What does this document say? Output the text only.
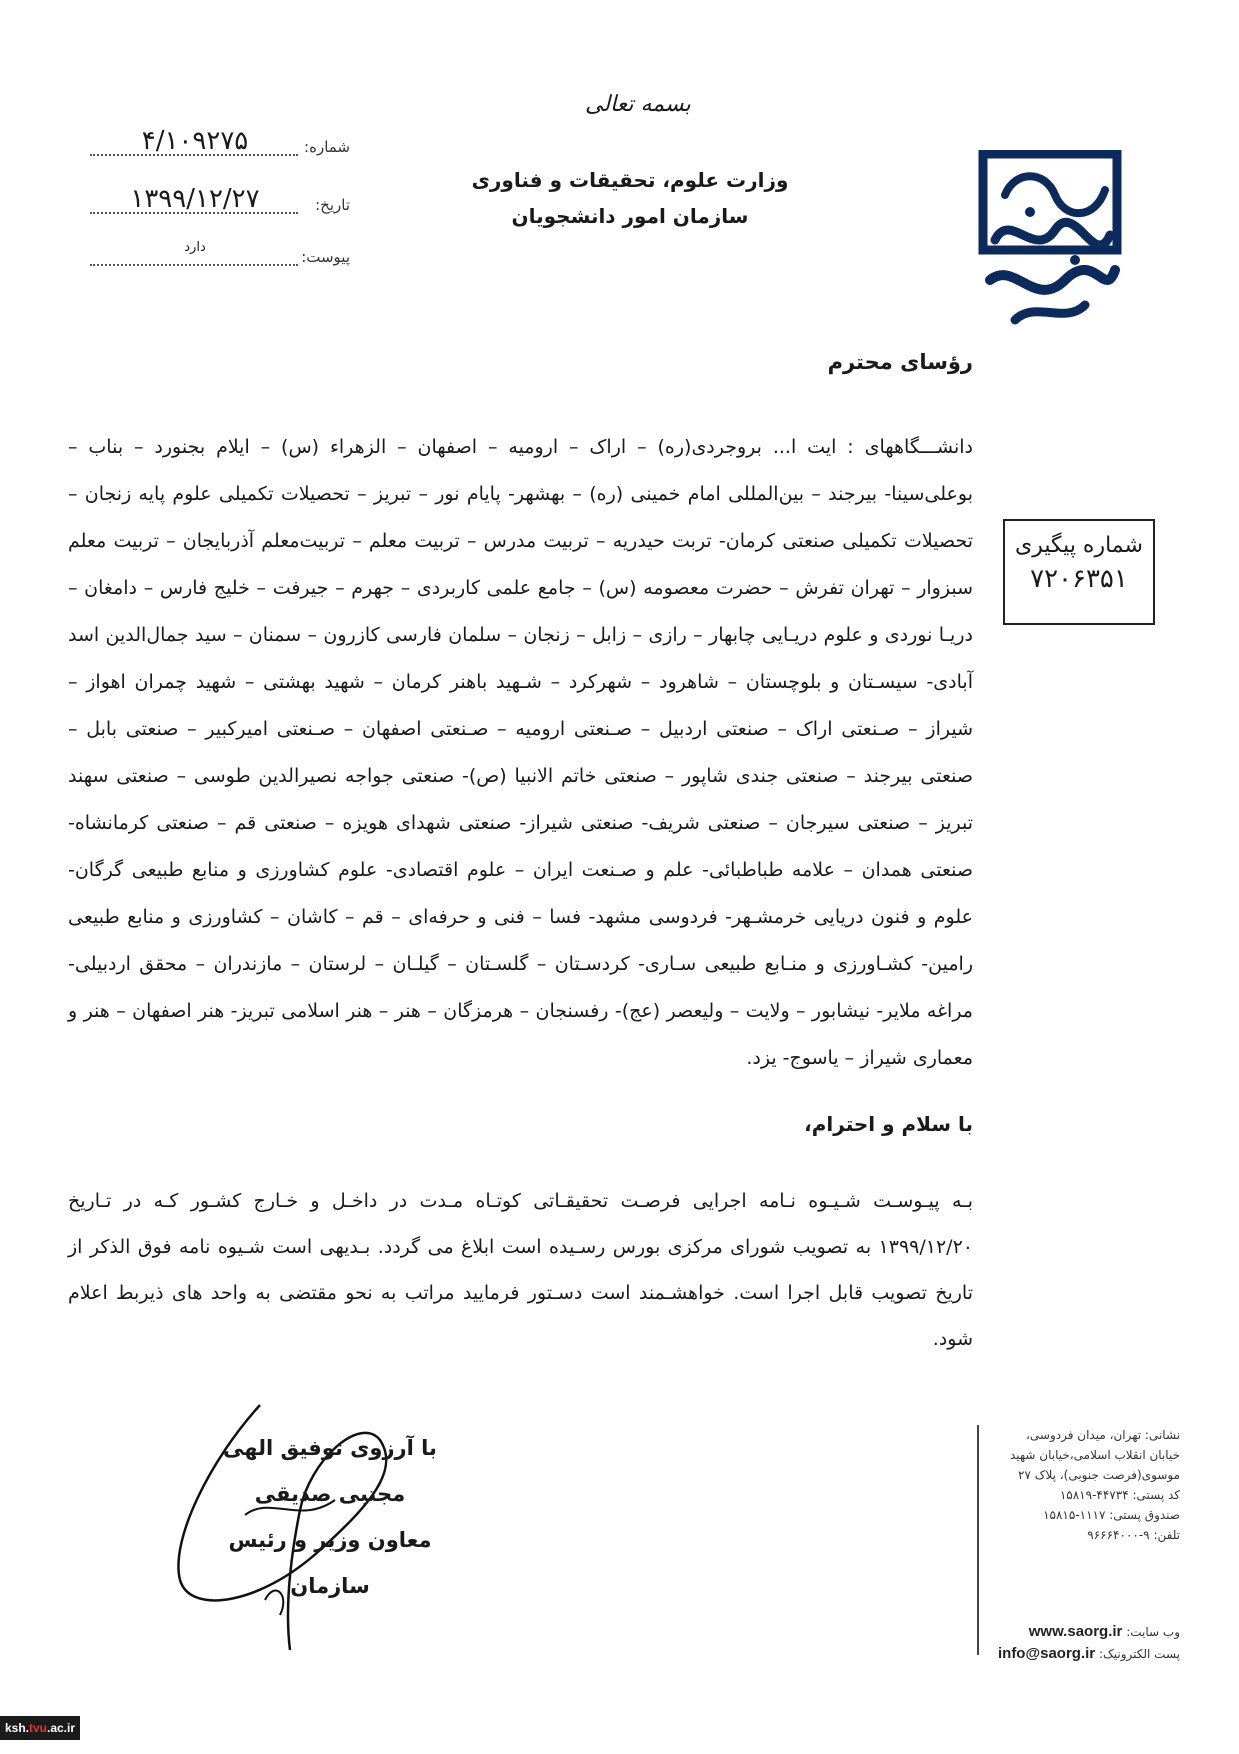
بسمه تعالی
وزارت علوم، تحقیقات و فناوری
سازمان امور دانشجویان
شماره:
۴/۱۰۹۲۷۵
تاریخ:
۱۳۹۹/۱۲/۲۷
پیوست:
دارد
شماره پیگیری
۷۲۰۶۳۵۱
رؤسای محترم
دانشـــگاههای : ایت ا... بروجردی(ره) – اراک – ارومیه – اصفهان – الزهراء (س) – ایلام بجنورد – بناب – بوعلی‌سینا- بیرجند – بین‌المللی امام خمینی (ره) – بهشهر- پایام نور – تبریز – تحصیلات تکمیلی علوم پایه زنجان – تحصیلات تکمیلی صنعتی کرمان- تربت حیدریه – تربیت مدرس – تربیت معلم – تربیت‌معلم آذربایجان – تربیت معلم سبزوار – تهران تفرش – حضرت معصومه (س) – جامع علمی کاربردی – جهرم – جیرفت – خلیج فارس – دامغان – دریـا نوردی و علوم دریـایی چابهار – رازی – زابل – زنجان – سلمان فارسی کازرون – سمنان – سید جمال‌الدین اسد آبادی- سیسـتان و بلوچستان – شاهرود – شهرکرد – شـهید باهنر کرمان – شهید بهشتی – شهید چمران اهواز – شیراز – صـنعتی اراک – صنعتی اردبیل – صـنعتی ارومیه – صـنعتی اصفهان – صـنعتی امیرکبیر – صنعتی بابل – صنعتی بیرجند – صنعتی جندی شاپور – صنعتی خاتم الانبیا (ص)- صنعتی جواجه نصیرالدین طوسی – صنعتی سهند تبریز – صنعتی سیرجان – صنعتی شریف- صنعتی شیراز- صنعتی شهدای هویزه – صنعتی قم – صنعتی کرمانشاه- صنعتی همدان – علامه طباطبائی- علم و صـنعت ایران – علوم اقتصادی- علوم کشاورزی و منابع طبیعی گرگان- علوم و فنون دریایی خرمشـهر- فردوسی مشهد- فسا – فنی و حرفه‌ای – قم – کاشان – کشاورزی و منابع طبیعی رامین- کشـاورزی و منـابع طبیعی سـاری- کردسـتان – گلسـتان – گیلـان – لرستان – مازندران – محقق اردبیلی- مراغه ملایر- نیشابور – ولایت – ولیعصر (عج)- رفسنجان – هرمزگان – هنر – هنر اسلامی تبریز- هنر اصفهان – هنر و معماری شیراز – یاسوج- یزد.
با سلام و احترام،
بـه پیـوسـت شـیـوه نـامه اجرایی فرصـت تحقیقـاتی کوتـاه مـدت در داخـل و خـارج کشـور کـه در تـاریخ ۱۳۹۹/۱۲/۲۰ به تصویب شورای مرکزی بورس رسـیده است ابلاغ می گردد. بـدیهی است شـیوه نامه فوق الذکر از تاریخ تصویب قابل اجرا است. خواهشـمند است دسـتور فرمایید مراتب به نحو مقتضی به واحد های ذیربط اعلام شود.
با آرزوی توفیق الهی
مجتبی صدیقی
معاون وزیر و رئیس سازمان
نشانی: تهران، میدان فردوسی،
خیابان انقلاب اسلامی،خیابان شهید
موسوی(فرصت جنوبی)، پلاک ۲۷
کد پستی: ۴۴۷۳۴-۱۵۸۱۹
صندوق پستی: ۱۱۱۷-۱۵۸۱۵
تلفن: ۹-۹۶۶۶۴۰۰۰
وب سایت: www.saorg.ir
پست الکترونیک: info@saorg.ir
ksh.tvu.ac.ir
